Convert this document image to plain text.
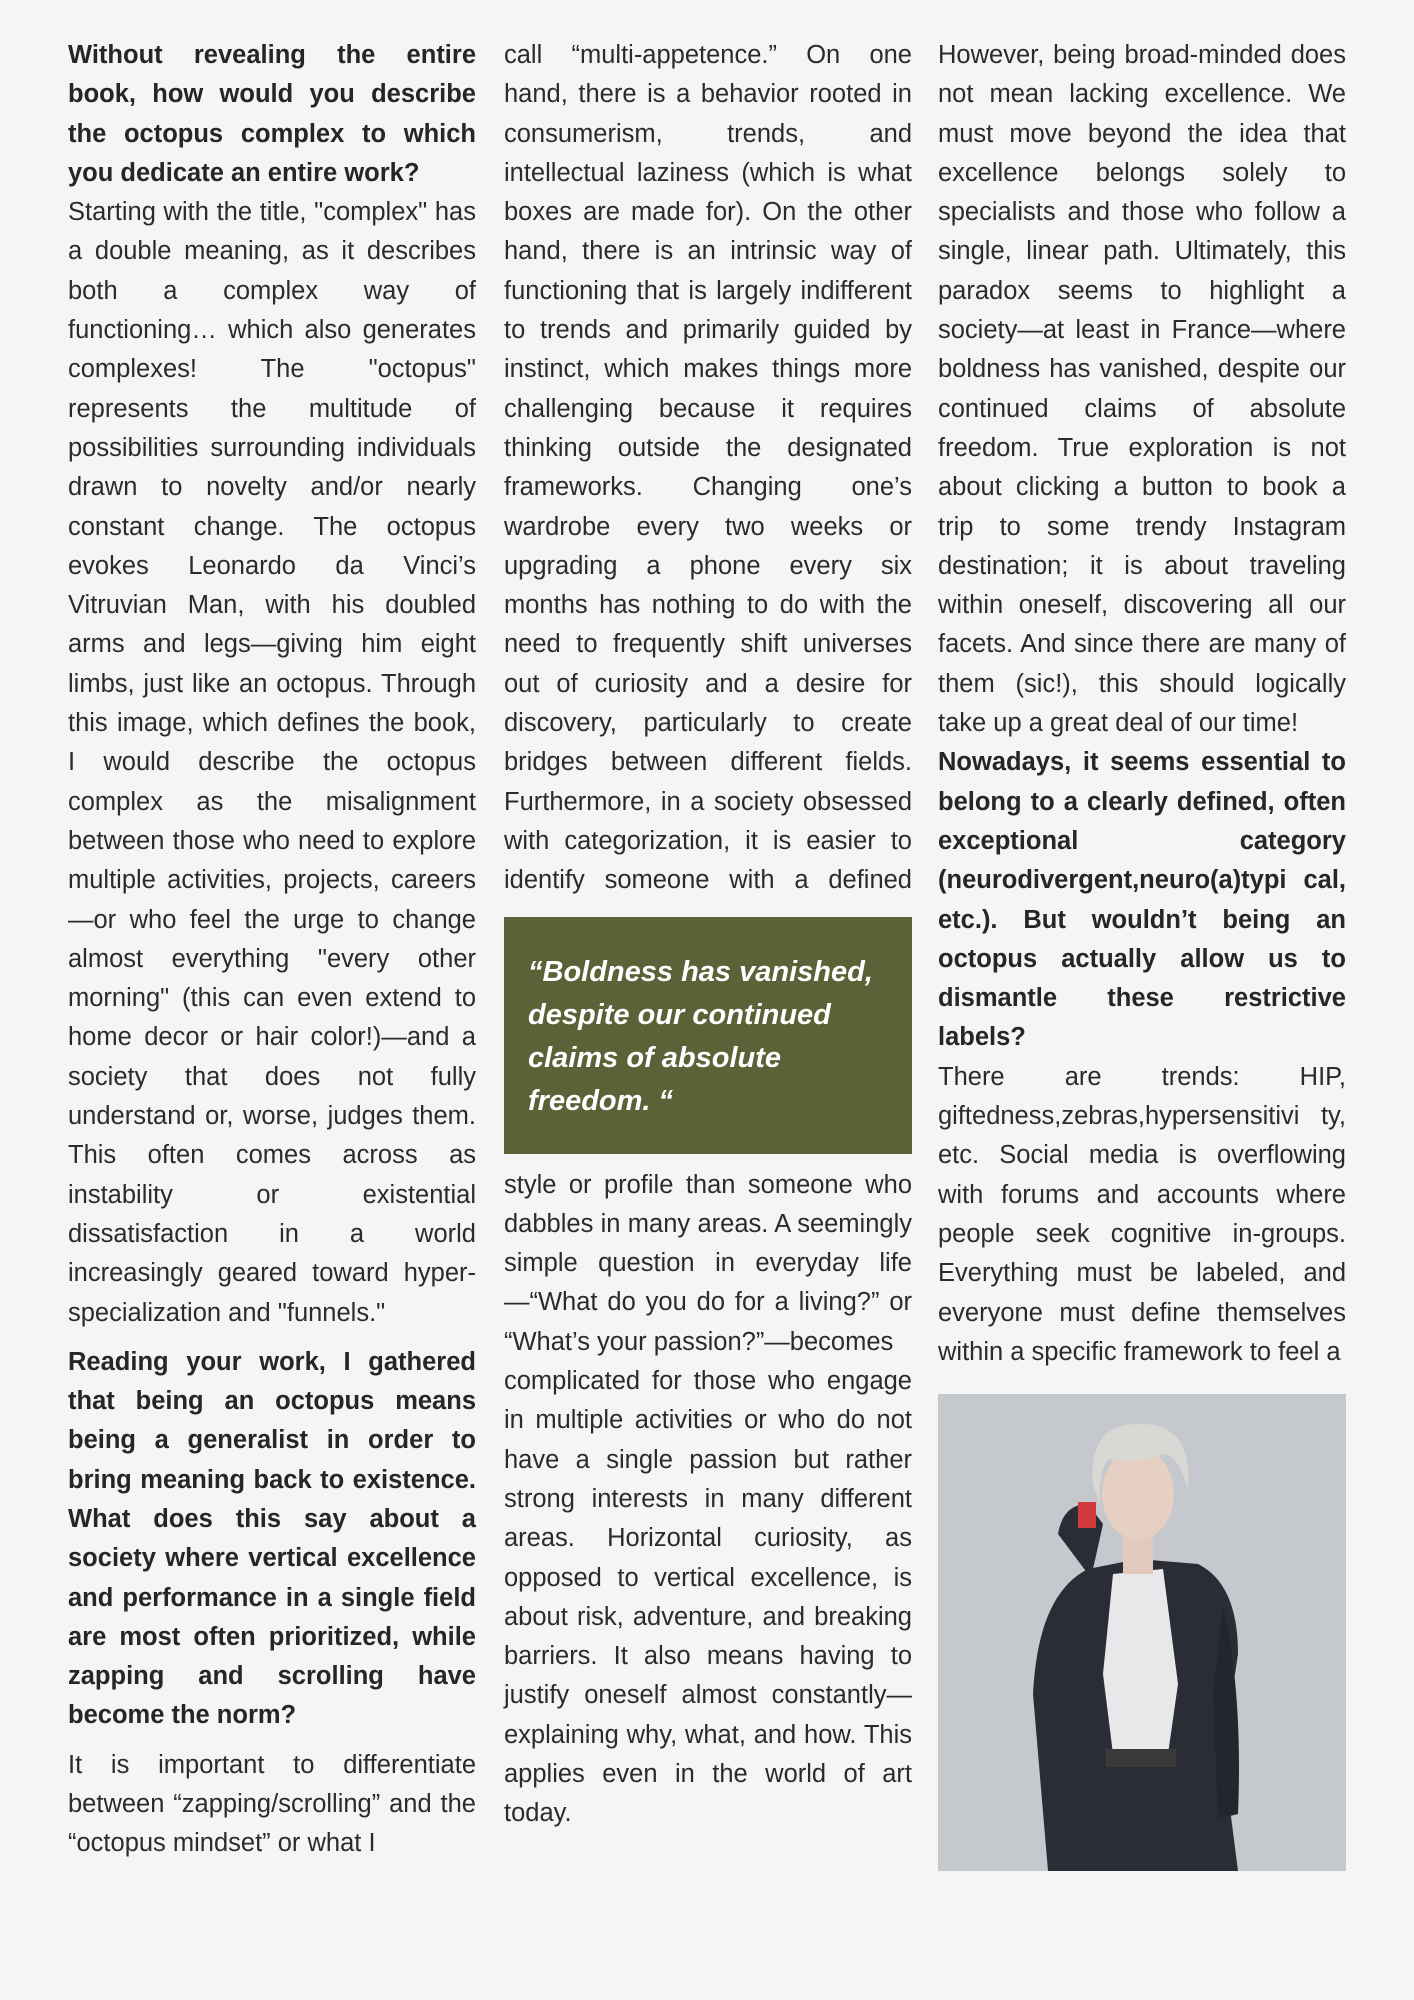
Without revealing the entire book, how would you describe the octopus complex to which you dedicate an entire work?

Starting with the title, "complex" has a double meaning, as it describes both a complex way of functioning… which also generates complexes! The "octopus" represents the multitude of possibilities surrounding individuals drawn to novelty and/or nearly constant change. The octopus evokes Leonardo da Vinci’s Vitruvian Man, with his doubled arms and legs—giving him eight limbs, just like an octopus. Through this image, which defines the book, I would describe the octopus complex as the misalignment between those who need to explore multiple activities, projects, careers—or who feel the urge to change almost everything "every other morning" (this can even extend to home decor or hair color!)—and a society that does not fully understand or, worse, judges them. This often comes across as instability or existential dissatisfaction in a world increasingly geared toward hyper-specialization and "funnels."

Reading your work, I gathered that being an octopus means being a generalist in order to bring meaning back to existence. What does this say about a society where vertical excellence and performance in a single field are most often prioritized, while zapping and scrolling have become the norm?

It is important to differentiate between “zapping/scrolling” and the “octopus mindset” or what I

call “multi-appetence.” On one hand, there is a behavior rooted in consumerism, trends, and intellectual laziness (which is what boxes are made for). On the other hand, there is an intrinsic way of functioning that is largely indifferent to trends and primarily guided by instinct, which makes things more challenging because it requires thinking outside the designated frameworks. Changing one’s wardrobe every two weeks or upgrading a phone every six months has nothing to do with the need to frequently shift universes out of curiosity and a desire for discovery, particularly to create bridges between different fields. Furthermore, in a society obsessed with categorization, it is easier to identify someone with a defined

“Boldness has vanished, despite our continued claims of absolute freedom. “

style or profile than someone who dabbles in many areas. A seemingly simple question in everyday life—“What do you do for a living?” or “What’s your passion?”—becomes

complicated for those who engage in multiple activities or who do not have a single passion but rather strong interests in many different areas. Horizontal curiosity, as opposed to vertical excellence, is about risk, adventure, and breaking barriers. It also means having to justify oneself almost constantly—explaining why, what, and how. This applies even in the world of art today.

However, being broad-minded does not mean lacking excellence. We must move beyond the idea that excellence belongs solely to specialists and those who follow a single, linear path. Ultimately, this paradox seems to highlight a society—at least in France—where boldness has vanished, despite our continued claims of absolute freedom. True exploration is not about clicking a button to book a trip to some trendy Instagram destination; it is about traveling within oneself, discovering all our facets. And since there are many of them (sic!), this should logically take up a great deal of our time!

Nowadays, it seems essential to belong to a clearly defined, often exceptional category (neurodivergent,neuro(a)typi cal, etc.). But wouldn’t being an octopus actually allow us to dismantle these restrictive labels?

There are trends: HIP, giftedness,zebras,hypersensitivi ty, etc. Social media is overflowing with forums and accounts where people seek cognitive in-groups. Everything must be labeled, and everyone must define themselves within a specific framework to feel a
